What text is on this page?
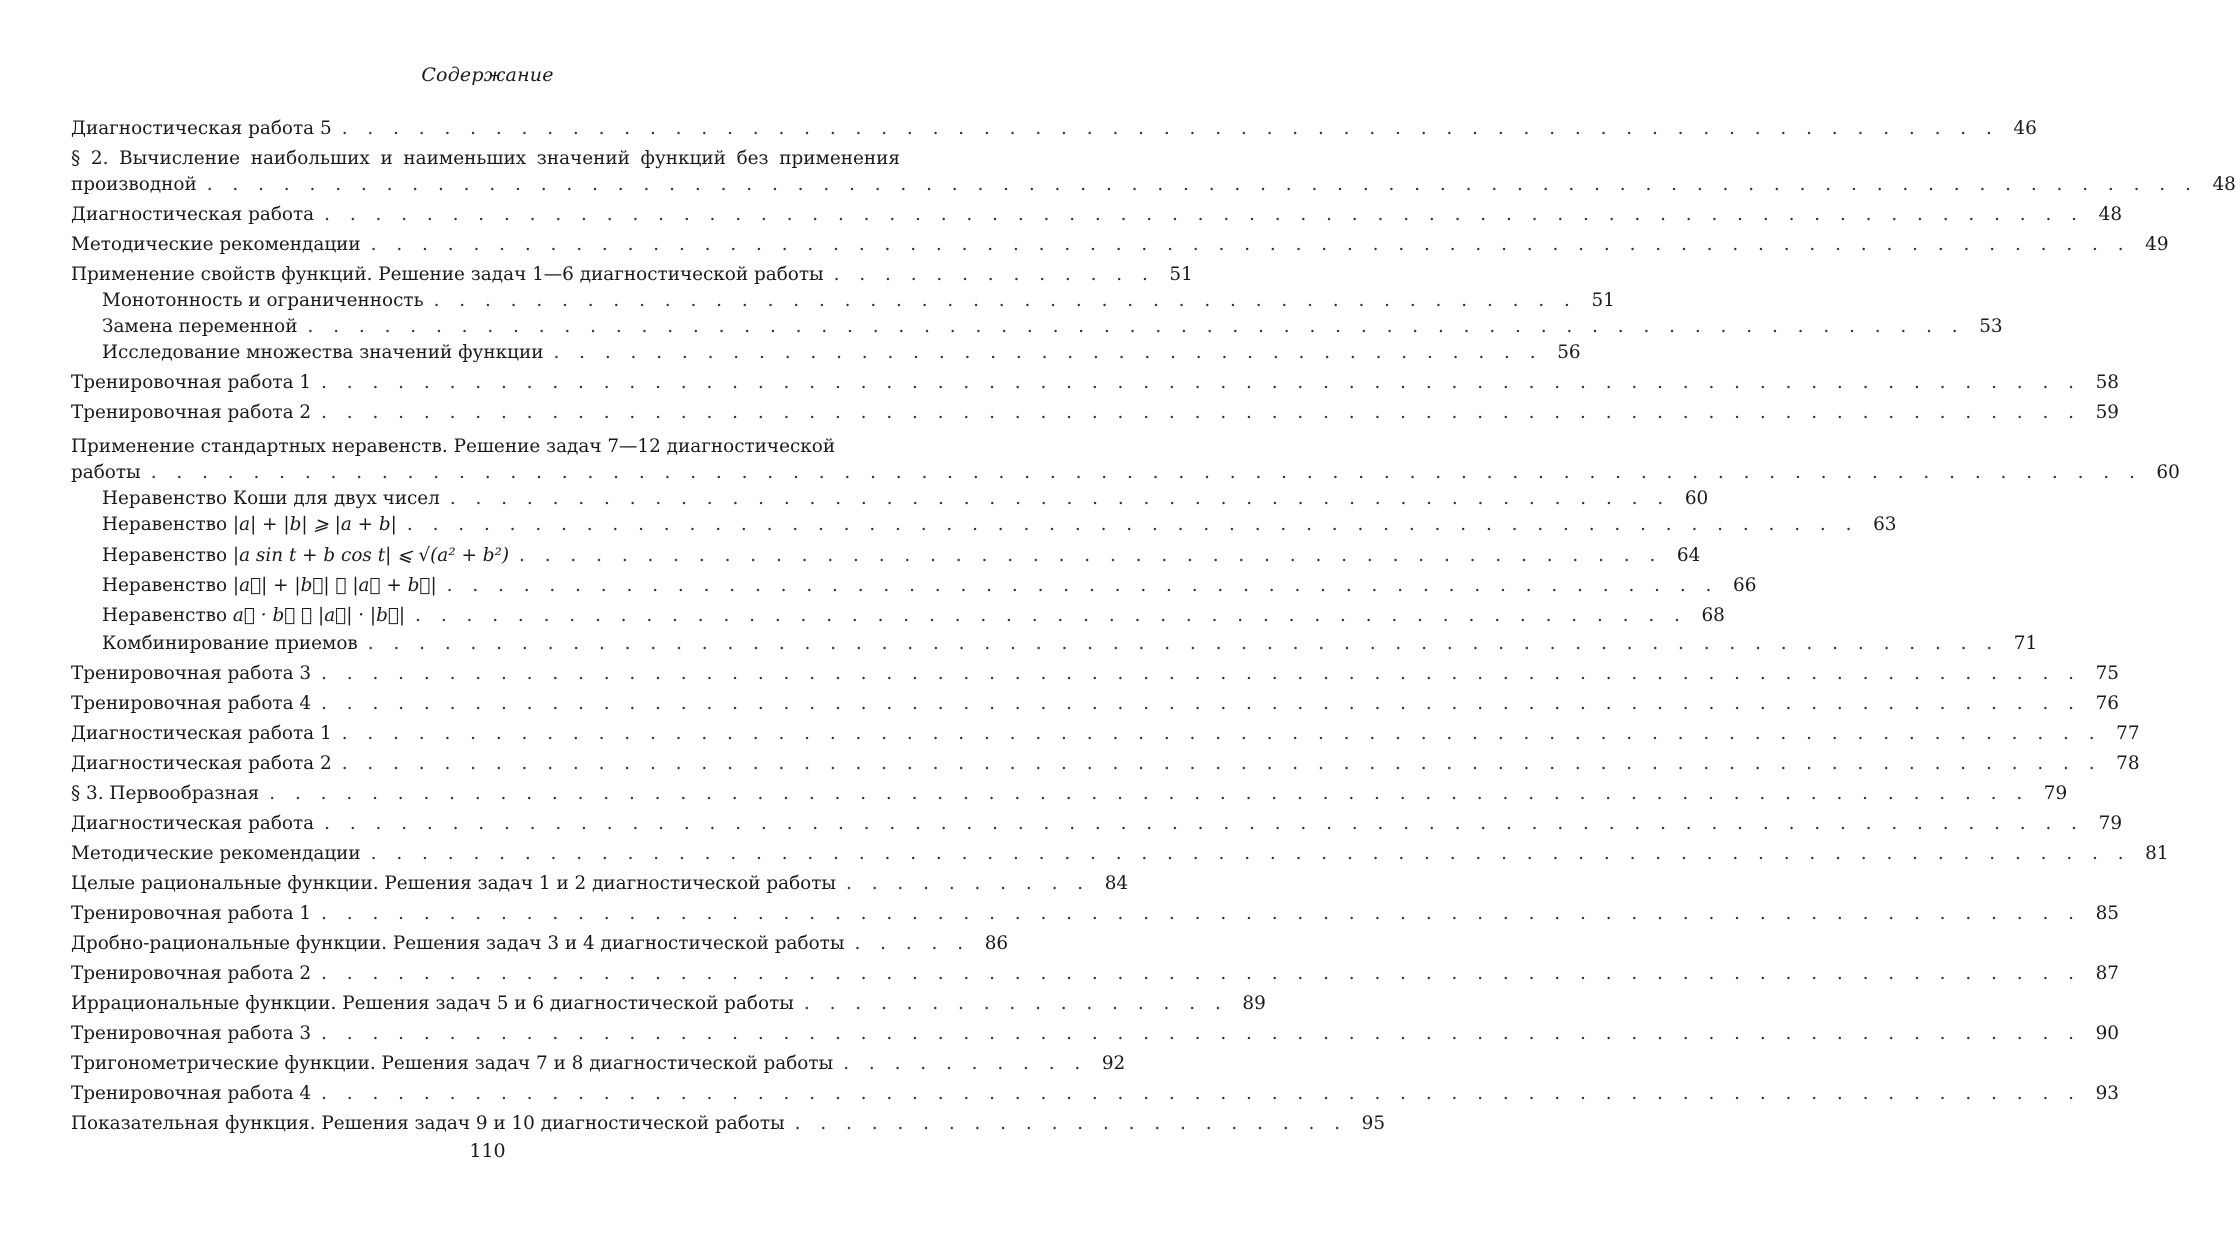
Содержание
Диагностическая работа 5 . . . . . . . . . . . . . . . . . . . . . . . . . . . . . . . . . . . . . . . . . . . . . . . . . . . . . . . . . . . . . . . . . 46
§ 2. Вычисление наибольших и наименьших значений функций без применения
производной . . . . . . . . . . . . . . . . . . . . . . . . . . . . . . . . . . . . . . . . . . . . . . . . . . . . . . . . . . . . . . . . . . . . . . . . . . . . . . 48
Диагностическая работа . . . . . . . . . . . . . . . . . . . . . . . . . . . . . . . . . . . . . . . . . . . . . . . . . . . . . . . . . . . . . . . . . . . . . 48
Методические рекомендации . . . . . . . . . . . . . . . . . . . . . . . . . . . . . . . . . . . . . . . . . . . . . . . . . . . . . . . . . . . . . . . . . . . . . 49
Применение свойств функций. Решение задач 1—6 диагностической работы . . . . . . . . . . . . . 51
Монотонность и ограниченность . . . . . . . . . . . . . . . . . . . . . . . . . . . . . . . . . . . . . . . . . . . . . 51
Замена переменной . . . . . . . . . . . . . . . . . . . . . . . . . . . . . . . . . . . . . . . . . . . . . . . . . . . . . . . . . . . . . . . . . 53
Исследование множества значений функции . . . . . . . . . . . . . . . . . . . . . . . . . . . . . . . . . . . . . . . 56
Тренировочная работа 1 . . . . . . . . . . . . . . . . . . . . . . . . . . . . . . . . . . . . . . . . . . . . . . . . . . . . . . . . . . . . . . . . . . . . . 58
Тренировочная работа 2 . . . . . . . . . . . . . . . . . . . . . . . . . . . . . . . . . . . . . . . . . . . . . . . . . . . . . . . . . . . . . . . . . . . . . 59
Применение стандартных неравенств. Решение задач 7—12 диагностической
работы . . . . . . . . . . . . . . . . . . . . . . . . . . . . . . . . . . . . . . . . . . . . . . . . . . . . . . . . . . . . . . . . . . . . . . . . . . . . . . 60
Неравенство Коши для двух чисел . . . . . . . . . . . . . . . . . . . . . . . . . . . . . . . . . . . . . . . . . . . . . . . . 60
Неравенство |a| + |b| ⩾ |a + b| . . . . . . . . . . . . . . . . . . . . . . . . . . . . . . . . . . . . . . . . . . . . . . . . . . . . . . . . . 63
Неравенство |a sin t + b cos t| ⩽ √(a² + b²) . . . . . . . . . . . . . . . . . . . . . . . . . . . . . . . . . . . . . . . . . . . . . 64
Неравенство |a⃗| + |b⃗| ⩾ |a⃗ + b⃗| . . . . . . . . . . . . . . . . . . . . . . . . . . . . . . . . . . . . . . . . . . . . . . . . . . 66
Неравенство a⃗ · b⃗ ⩽ |a⃗| · |b⃗| . . . . . . . . . . . . . . . . . . . . . . . . . . . . . . . . . . . . . . . . . . . . . . . . . . 68
Комбинирование приемов . . . . . . . . . . . . . . . . . . . . . . . . . . . . . . . . . . . . . . . . . . . . . . . . . . . . . . . . . . . . . . . . 71
Тренировочная работа 3 . . . . . . . . . . . . . . . . . . . . . . . . . . . . . . . . . . . . . . . . . . . . . . . . . . . . . . . . . . . . . . . . . . . . . 75
Тренировочная работа 4 . . . . . . . . . . . . . . . . . . . . . . . . . . . . . . . . . . . . . . . . . . . . . . . . . . . . . . . . . . . . . . . . . . . . . 76
Диагностическая работа 1 . . . . . . . . . . . . . . . . . . . . . . . . . . . . . . . . . . . . . . . . . . . . . . . . . . . . . . . . . . . . . . . . . . . . . 77
Диагностическая работа 2 . . . . . . . . . . . . . . . . . . . . . . . . . . . . . . . . . . . . . . . . . . . . . . . . . . . . . . . . . . . . . . . . . . . . . 78
§ 3. Первообразная . . . . . . . . . . . . . . . . . . . . . . . . . . . . . . . . . . . . . . . . . . . . . . . . . . . . . . . . . . . . . . . . . . . . . 79
Диагностическая работа . . . . . . . . . . . . . . . . . . . . . . . . . . . . . . . . . . . . . . . . . . . . . . . . . . . . . . . . . . . . . . . . . . . . . 79
Методические рекомендации . . . . . . . . . . . . . . . . . . . . . . . . . . . . . . . . . . . . . . . . . . . . . . . . . . . . . . . . . . . . . . . . . . . . . 81
Целые рациональные функции. Решения задач 1 и 2 диагностической работы . . . . . . . . . . 84
Тренировочная работа 1 . . . . . . . . . . . . . . . . . . . . . . . . . . . . . . . . . . . . . . . . . . . . . . . . . . . . . . . . . . . . . . . . . . . . . 85
Дробно-рациональные функции. Решения задач 3 и 4 диагностической работы . . . . . 86
Тренировочная работа 2 . . . . . . . . . . . . . . . . . . . . . . . . . . . . . . . . . . . . . . . . . . . . . . . . . . . . . . . . . . . . . . . . . . . . . 87
Иррациональные функции. Решения задач 5 и 6 диагностической работы . . . . . . . . . . . . . . . . . 89
Тренировочная работа 3 . . . . . . . . . . . . . . . . . . . . . . . . . . . . . . . . . . . . . . . . . . . . . . . . . . . . . . . . . . . . . . . . . . . . . 90
Тригонометрические функции. Решения задач 7 и 8 диагностической работы . . . . . . . . . . 92
Тренировочная работа 4 . . . . . . . . . . . . . . . . . . . . . . . . . . . . . . . . . . . . . . . . . . . . . . . . . . . . . . . . . . . . . . . . . . . . . 93
Показательная функция. Решения задач 9 и 10 диагностической работы . . . . . . . . . . . . . . . . . . . . . . 95
110
